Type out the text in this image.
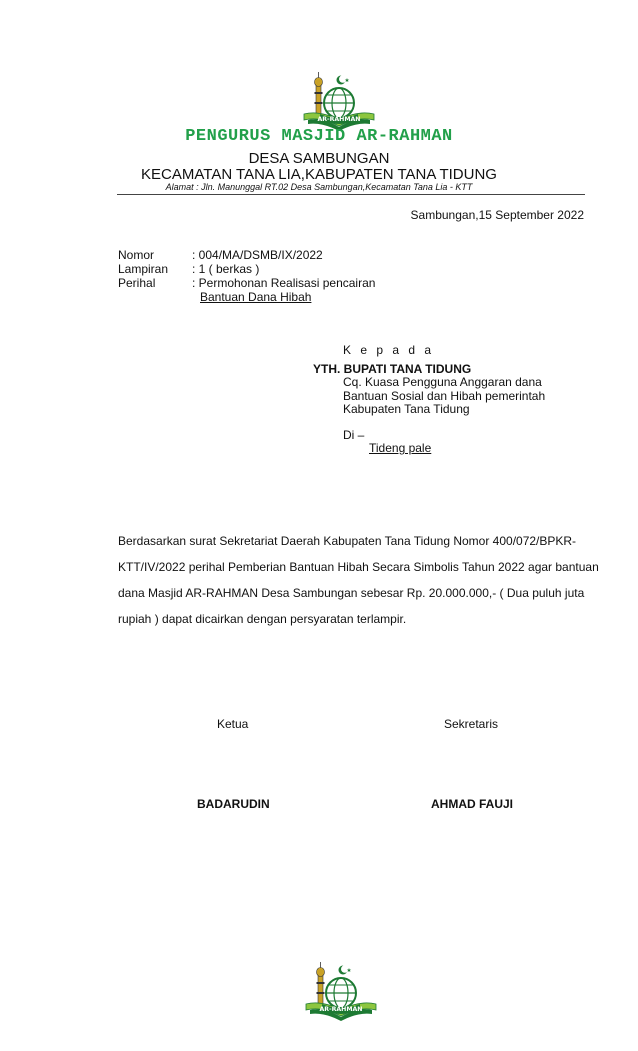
AR-RAHMAN
PENGURUS MASJID AR-RAHMAN
DESA SAMBUNGAN
KECAMATAN TANA LIA,KABUPATEN TANA TIDUNG
Alamat : Jln. Manunggal RT.02 Desa Sambungan,Kecamatan Tana Lia - KTT
Sambungan,15 September 2022
Nomor	: 004/MA/DSMB/IX/2022
Lampiran : 1 ( berkas )
Perihal	: Permohonan Realisasi pencairan
Bantuan Dana Hibah
K e p a d a
YTH. BUPATI TANA TIDUNG
Cq. Kuasa Pengguna Anggaran dana
Bantuan Sosial dan Hibah pemerintah
Kabupaten Tana Tidung
Di –
Tideng pale
Berdasarkan surat Sekretariat Daerah Kabupaten Tana Tidung Nomor 400/072/BPKR-
KTT/IV/2022 perihal Pemberian Bantuan Hibah Secara Simbolis Tahun 2022 agar bantuan
dana Masjid AR-RAHMAN Desa Sambungan sebesar Rp. 20.000.000,- ( Dua puluh juta
rupiah ) dapat dicairkan dengan persyaratan terlampir.
Ketua	Sekretaris
BADARUDIN	AHMAD FAUJI
AR-RAHMAN
